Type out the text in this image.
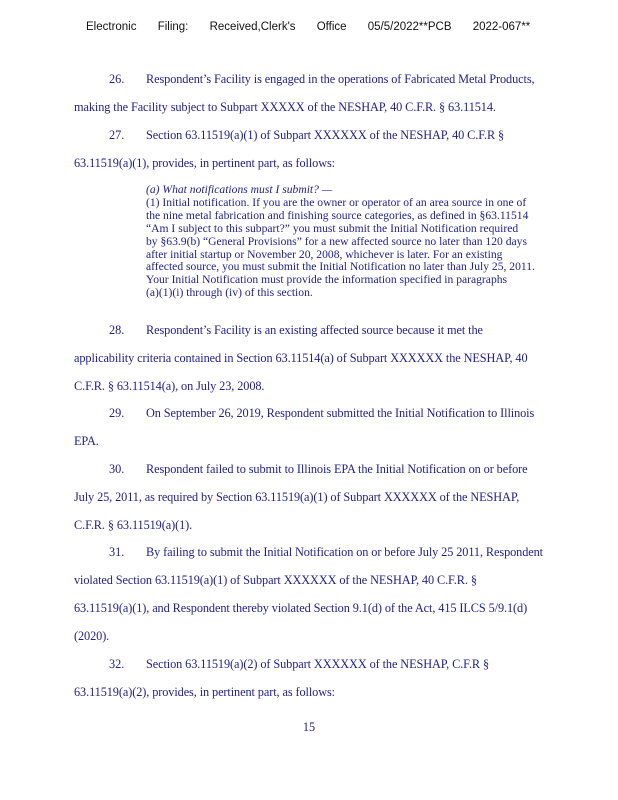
Electronic Filing: Received,Clerk's Office 05/5/2022**PCB 2022-067**
26. Respondent’s Facility is engaged in the operations of Fabricated Metal Products,
making the Facility subject to Subpart XXXXX of the NESHAP, 40 C.F.R. § 63.11514.
27. Section 63.11519(a)(1) of Subpart XXXXXX of the NESHAP, 40 C.F.R §
63.11519(a)(1), provides, in pertinent part, as follows:
(a) What notifications must I submit? —
(1) Initial notification. If you are the owner or operator of an area source in one of
the nine metal fabrication and finishing source categories, as defined in §63.11514
“Am I subject to this subpart?” you must submit the Initial Notification required
by §63.9(b) “General Provisions” for a new affected source no later than 120 days
after initial startup or November 20, 2008, whichever is later. For an existing
affected source, you must submit the Initial Notification no later than July 25, 2011.
Your Initial Notification must provide the information specified in paragraphs
(a)(1)(i) through (iv) of this section.
28. Respondent’s Facility is an existing affected source because it met the
applicability criteria contained in Section 63.11514(a) of Subpart XXXXXX the NESHAP, 40
C.F.R. § 63.11514(a), on July 23, 2008.
29. On September 26, 2019, Respondent submitted the Initial Notification to Illinois
EPA.
30. Respondent failed to submit to Illinois EPA the Initial Notification on or before
July 25, 2011, as required by Section 63.11519(a)(1) of Subpart XXXXXX of the NESHAP,
C.F.R. § 63.11519(a)(1).
31. By failing to submit the Initial Notification on or before July 25 2011, Respondent
violated Section 63.11519(a)(1) of Subpart XXXXXX of the NESHAP, 40 C.F.R. §
63.11519(a)(1), and Respondent thereby violated Section 9.1(d) of the Act, 415 ILCS 5/9.1(d)
(2020).
32. Section 63.11519(a)(2) of Subpart XXXXXX of the NESHAP, C.F.R §
63.11519(a)(2), provides, in pertinent part, as follows:
15
